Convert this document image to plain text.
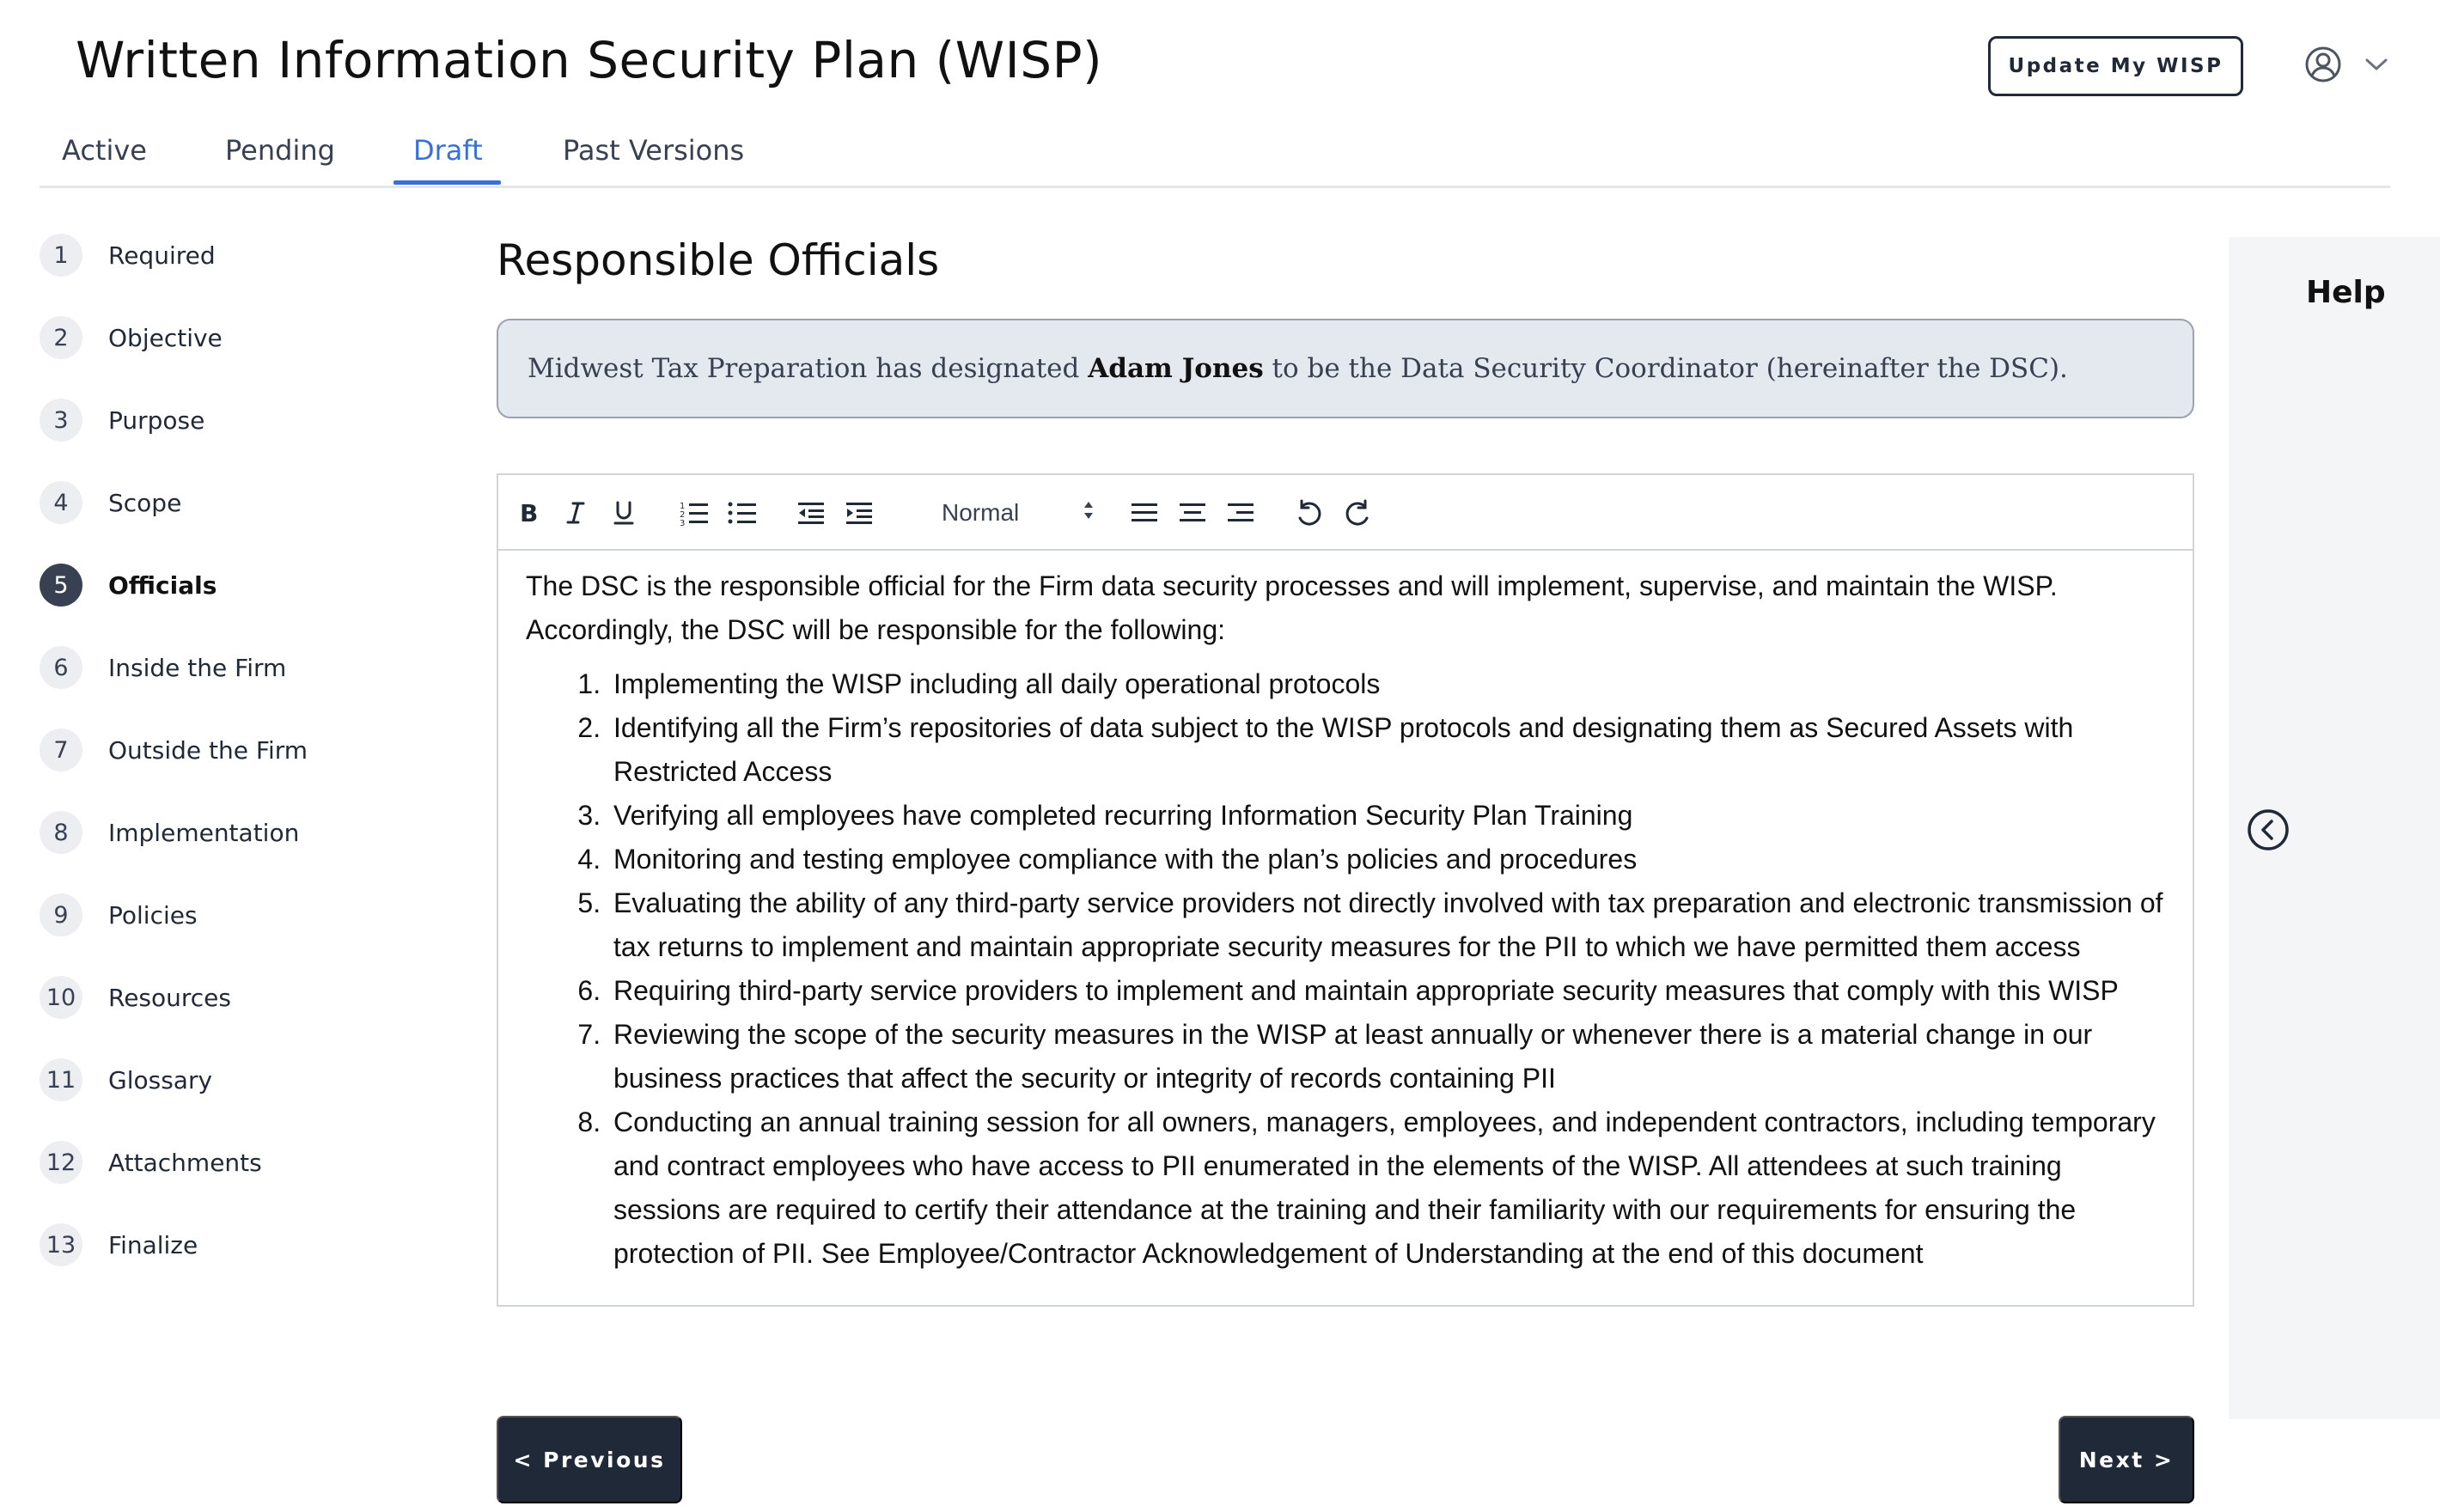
Written Information Security Plan (WISP)	Update My WISP
Active	Pending	Draft	Past Versions
1	Required
2	Objective
3	Purpose
4	Scope
5	Officials
6	Inside the Firm
7	Outside the Firm
8	Implementation
9	Policies
10 Resources
11 Glossary
12 Attachments
13 Finalize
Responsible Officials
Midwest Tax Preparation has designated Adam Jones to be the Data Security Coordinator (hereinafter the DSC).
B	1
2
3	Normal

The DSC is the responsible official for the Firm data security processes and will implement, supervise, and maintain the WISP. Accordingly, the DSC will be responsible for the following:

1. Implementing the WISP including all daily operational protocols
2. Identifying all the Firm’s repositories of data subject to the WISP protocols and designating them as Secured Assets with Restricted Access
3. Verifying all employees have completed recurring Information Security Plan Training
4. Monitoring and testing employee compliance with the plan’s policies and procedures
5. Evaluating the ability of any third-party service providers not directly involved with tax preparation and electronic transmission of tax returns to implement and maintain appropriate security measures for the PII to which we have permitted them access
6. Requiring third-party service providers to implement and maintain appropriate security measures that comply with this WISP
7. Reviewing the scope of the security measures in the WISP at least annually or whenever there is a material change in our business practices that affect the security or integrity of records containing PII
8. Conducting an annual training session for all owners, managers, employees, and independent contractors, including temporary and contract employees who have access to PII enumerated in the elements of the WISP. All attendees at such training sessions are required to certify their attendance at the training and their familiarity with our requirements for ensuring the protection of PII. See Employee/Contractor Acknowledgement of Understanding at the end of this document
Help
< Previous	Next >
